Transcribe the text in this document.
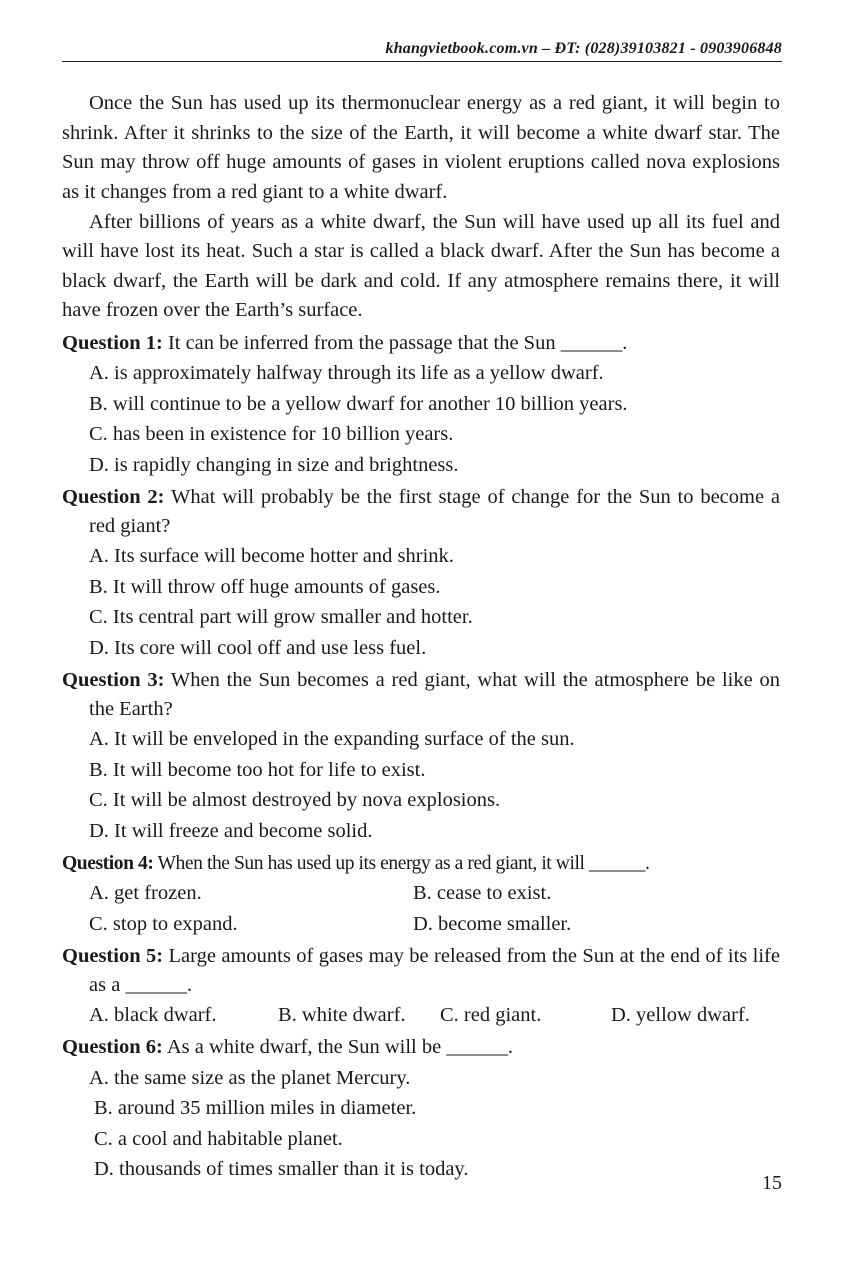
khangvietbook.com.vn – ĐT: (028)39103821 - 0903906848

Once the Sun has used up its thermonuclear energy as a red giant, it will begin to shrink. After it shrinks to the size of the Earth, it will become a white dwarf star. The Sun may throw off huge amounts of gases in violent eruptions called nova explosions as it changes from a red giant to a white dwarf.

After billions of years as a white dwarf, the Sun will have used up all its fuel and will have lost its heat. Such a star is called a black dwarf. After the Sun has become a black dwarf, the Earth will be dark and cold. If any atmosphere remains there, it will have frozen over the Earth’s surface.

Question 1: It can be inferred from the passage that the Sun ______.
A. is approximately halfway through its life as a yellow dwarf.
B. will continue to be a yellow dwarf for another 10 billion years.
C. has been in existence for 10 billion years.
D. is rapidly changing in size and brightness.
Question 2: What will probably be the first stage of change for the Sun to become a red giant?
A. Its surface will become hotter and shrink.
B. It will throw off huge amounts of gases.
C. Its central part will grow smaller and hotter.
D. Its core will cool off and use less fuel.
Question 3: When the Sun becomes a red giant, what will the atmosphere be like on the Earth?
A. It will be enveloped in the expanding surface of the sun.
B. It will become too hot for life to exist.
C. It will be almost destroyed by nova explosions.
D. It will freeze and become solid.
Question 4: When the Sun has used up its energy as a red giant, it will ______.
A. get frozen.	B. cease to exist.
C. stop to expand.	D. become smaller.
Question 5: Large amounts of gases may be released from the Sun at the end of its life as a ______.
A. black dwarf.	B. white dwarf.	C. red giant.	D. yellow dwarf.
Question 6: As a white dwarf, the Sun will be ______.
A. the same size as the planet Mercury.
B. around 35 million miles in diameter.
C. a cool and habitable planet.
D. thousands of times smaller than it is today.
15
